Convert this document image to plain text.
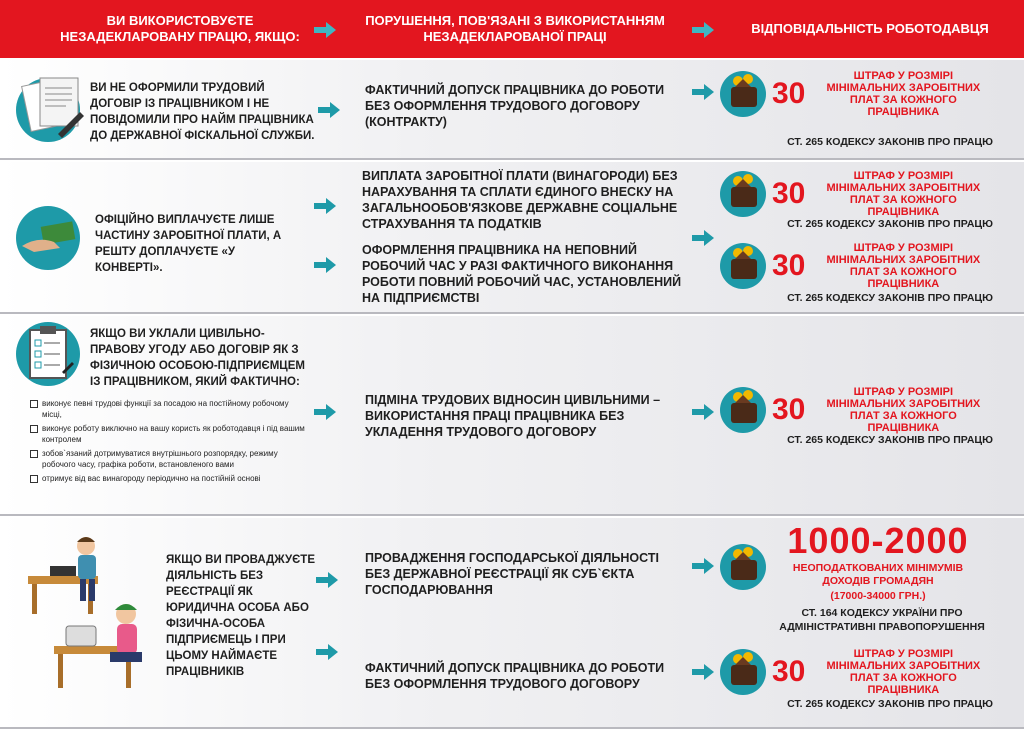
ВИ ВИКОРИСТОВУЄТЕ НЕЗАДЕКЛАРОВАНУ ПРАЦЮ, ЯКЩО:
ПОРУШЕННЯ, ПОВ'ЯЗАНІ З ВИКОРИСТАННЯМ НЕЗАДЕКЛАРОВАНОЇ ПРАЦІ
ВІДПОВІДАЛЬНІСТЬ РОБОТОДАВЦЯ
ВИ НЕ ОФОРМИЛИ ТРУДОВИЙ ДОГОВІР ІЗ ПРАЦІВНИКОМ І НЕ ПОВІДОМИЛИ ПРО НАЙМ ПРАЦІВНИКА ДО ДЕРЖАВНОЇ ФІСКАЛЬНОЇ СЛУЖБИ.
ФАКТИЧНИЙ ДОПУСК ПРАЦІВНИКА ДО РОБОТИ БЕЗ ОФОРМЛЕННЯ ТРУДОВОГО ДОГОВОРУ (КОНТРАКТУ)
30
ШТРАФ У РОЗМІРІ МІНІМАЛЬНИХ ЗАРОБІТНИХ ПЛАТ ЗА КОЖНОГО ПРАЦІВНИКА
СТ. 265 КОДЕКСУ ЗАКОНІВ ПРО ПРАЦЮ
ОФІЦІЙНО ВИПЛАЧУЄТЕ ЛИШЕ ЧАСТИНУ ЗАРОБІТНОЇ ПЛАТИ, А РЕШТУ ДОПЛАЧУЄТЕ «У КОНВЕРТІ».
ВИПЛАТА ЗАРОБІТНОЇ ПЛАТИ (ВИНАГОРОДИ) БЕЗ НАРАХУВАННЯ ТА СПЛАТИ ЄДИНОГО ВНЕСКУ НА ЗАГАЛЬНООБОВ'ЯЗКОВЕ ДЕРЖАВНЕ СОЦІАЛЬНЕ СТРАХУВАННЯ ТА ПОДАТКІВ
ОФОРМЛЕННЯ ПРАЦІВНИКА НА НЕПОВНИЙ РОБОЧИЙ ЧАС У РАЗІ ФАКТИЧНОГО ВИКОНАННЯ РОБОТИ ПОВНИЙ РОБОЧИЙ ЧАС, УСТАНОВЛЕНИЙ НА ПІДПРИЄМСТВІ
30
ШТРАФ У РОЗМІРІ МІНІМАЛЬНИХ ЗАРОБІТНИХ ПЛАТ ЗА КОЖНОГО ПРАЦІВНИКА
СТ. 265 КОДЕКСУ ЗАКОНІВ ПРО ПРАЦЮ
30
ШТРАФ У РОЗМІРІ МІНІМАЛЬНИХ ЗАРОБІТНИХ ПЛАТ ЗА КОЖНОГО ПРАЦІВНИКА
СТ. 265 КОДЕКСУ ЗАКОНІВ ПРО ПРАЦЮ
ЯКЩО ВИ УКЛАЛИ ЦИВІЛЬНО-ПРАВОВУ УГОДУ АБО ДОГОВІР ЯК З ФІЗИЧНОЮ ОСОБОЮ-ПІДПРИЄМЦЕМ ІЗ ПРАЦІВНИКОМ, ЯКИЙ ФАКТИЧНО:
виконує певні трудові функції за посадою на постійному робочому місці,
виконує роботу виключно на вашу користь як роботодавця і під вашим контролем
зобов`язаний дотримуватися внутрішнього розпорядку, режиму робочого часу, графіка роботи, встановленого вами
отримує від вас винагороду періодично на постійній основі
ПІДМІНА ТРУДОВИХ ВІДНОСИН ЦИВІЛЬНИМИ – ВИКОРИСТАННЯ ПРАЦІ ПРАЦІВНИКА БЕЗ УКЛАДЕННЯ ТРУДОВОГО ДОГОВОРУ
30
ШТРАФ У РОЗМІРІ МІНІМАЛЬНИХ ЗАРОБІТНИХ ПЛАТ ЗА КОЖНОГО ПРАЦІВНИКА
СТ. 265 КОДЕКСУ ЗАКОНІВ ПРО ПРАЦЮ
ЯКЩО ВИ ПРОВАДЖУЄТЕ ДІЯЛЬНІСТЬ БЕЗ РЕЄСТРАЦІЇ ЯК ЮРИДИЧНА ОСОБА АБО ФІЗИЧНА-ОСОБА ПІДПРИЄМЕЦЬ І ПРИ ЦЬОМУ НАЙМАЄТЕ ПРАЦІВНИКІВ
ПРОВАДЖЕННЯ ГОСПОДАРСЬКОЇ ДІЯЛЬНОСТІ БЕЗ ДЕРЖАВНОЇ РЕЄСТРАЦІЇ ЯК СУБ`ЄКТА ГОСПОДАРЮВАННЯ
ФАКТИЧНИЙ ДОПУСК ПРАЦІВНИКА ДО РОБОТИ БЕЗ ОФОРМЛЕННЯ ТРУДОВОГО ДОГОВОРУ
1000-2000
НЕОПОДАТКОВАНИХ МІНІМУМІВ ДОХОДІВ ГРОМАДЯН
(17000-34000 ГРН.)
СТ. 164 КОДЕКСУ УКРАЇНИ ПРО АДМІНІСТРАТИВНІ ПРАВОПОРУШЕННЯ
30
ШТРАФ У РОЗМІРІ МІНІМАЛЬНИХ ЗАРОБІТНИХ ПЛАТ ЗА КОЖНОГО ПРАЦІВНИКА
СТ. 265 КОДЕКСУ ЗАКОНІВ ПРО ПРАЦЮ
